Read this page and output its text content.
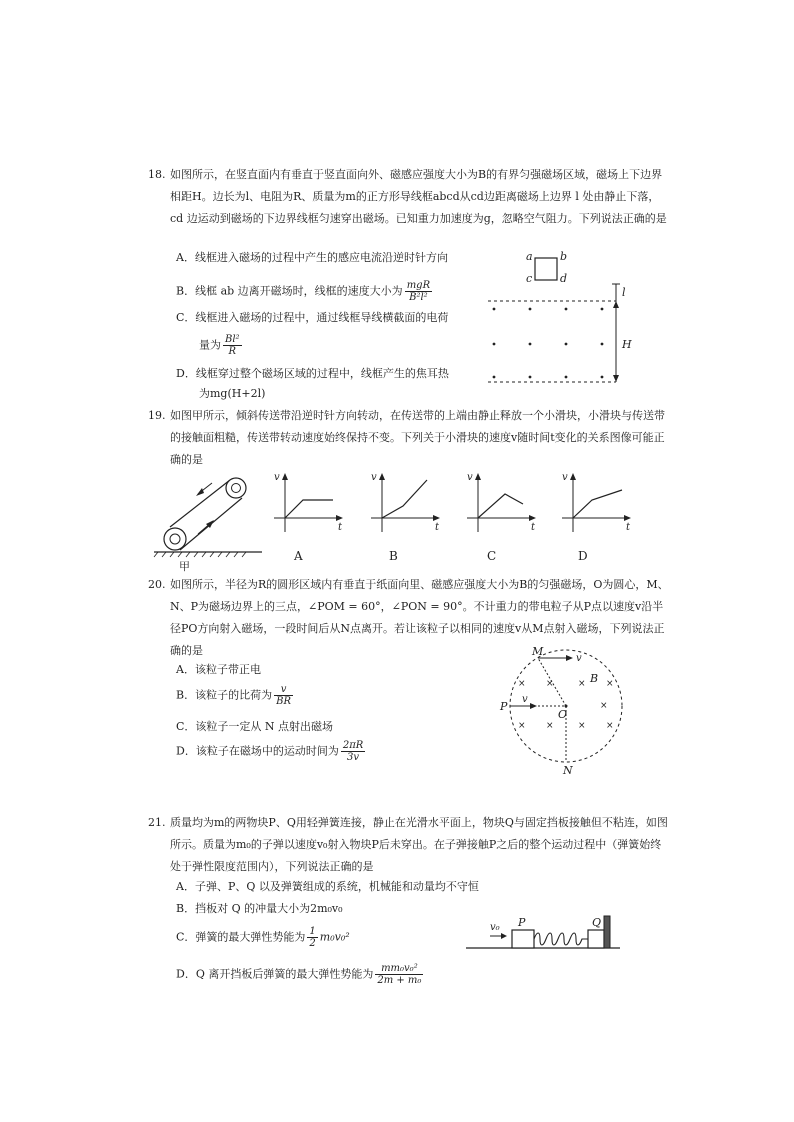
18. 如图所示，在竖直面内有垂直于竖直面向外、磁感应强度大小为B的有界匀强磁场区域，磁场上下边界相距H。边长为l、电阻为R、质量为m的正方形导线框abcd从cd边距离磁场上边界 l 处由静止下落，cd 边运动到磁场的下边界线框匀速穿出磁场。已知重力加速度为g，忽略空气阻力。下列说法正确的是
A．线框进入磁场的过程中产生的感应电流沿逆时针方向
B．线框 ab 边离开磁场时，线框的速度大小为 $\frac{\text{mgR}}{\text{B²l²}}$
C．线框进入磁场的过程中，通过线框导线横截面的电荷
量为 $\frac{\text{Bl²}}{R}$
D．线框穿过整个磁场区域的过程中，线框产生的焦耳热
为mg(H+2l)
a b
c	d
l
H
19. 如图甲所示，倾斜传送带沿逆时针方向转动，在传送带的上端由静止释放一个小滑块，小滑块与传送带的接触面粗糙，传送带转动速度始终保持不变。下列关于小滑块的速度v随时间t变化的关系图像可能正确的是
甲
v
t
A
v
t
B
v
t
C
v
t
D
20. 如图所示，半径为R的圆形区域内有垂直于纸面向里、磁感应强度大小为B的匀强磁场，O为圆心，M、N、P为磁场边界上的三点，∠POM = 60°，∠PON = 90°。不计重力的带电粒子从P点以速度v沿半径PO方向射入磁场，一段时间后从N点离开。若让该粒子以相同的速度v从M点射入磁场，下列说法正确的是
A．该粒子带正电
B．该粒子的比荷为 $\frac{v}{BR}$
C．该粒子一定从 N 点射出磁场
D．该粒子在磁场中的运动时间为 $\frac{2\pi R}{3v}$
v
v
× ×	× ×
×	× ×
×
×
O
M
P
N
B
21. 质量均为m的两物块P、Q用轻弹簧连接，静止在光滑水平面上，物块Q与固定挡板接触但不粘连，如图所示。质量为m₀的子弹以速度v₀射入物块P后未穿出。在子弹接触P之后的整个运动过程中（弹簧始终处于弹性限度范围内），下列说法正确的是
A．子弹、P、Q 以及弹簧组成的系统，机械能和动量均不守恒
B．挡板对 Q 的冲量大小为2m₀v₀
C．弹簧的最大弹性势能为 $\frac{1}{2} m_0v_0^2$
D．Q 离开挡板后弹簧的最大弹性势能为 $\frac{\text{mm₀v₀²}}{\text{2m + m₀}}$
v₀ P	Q
